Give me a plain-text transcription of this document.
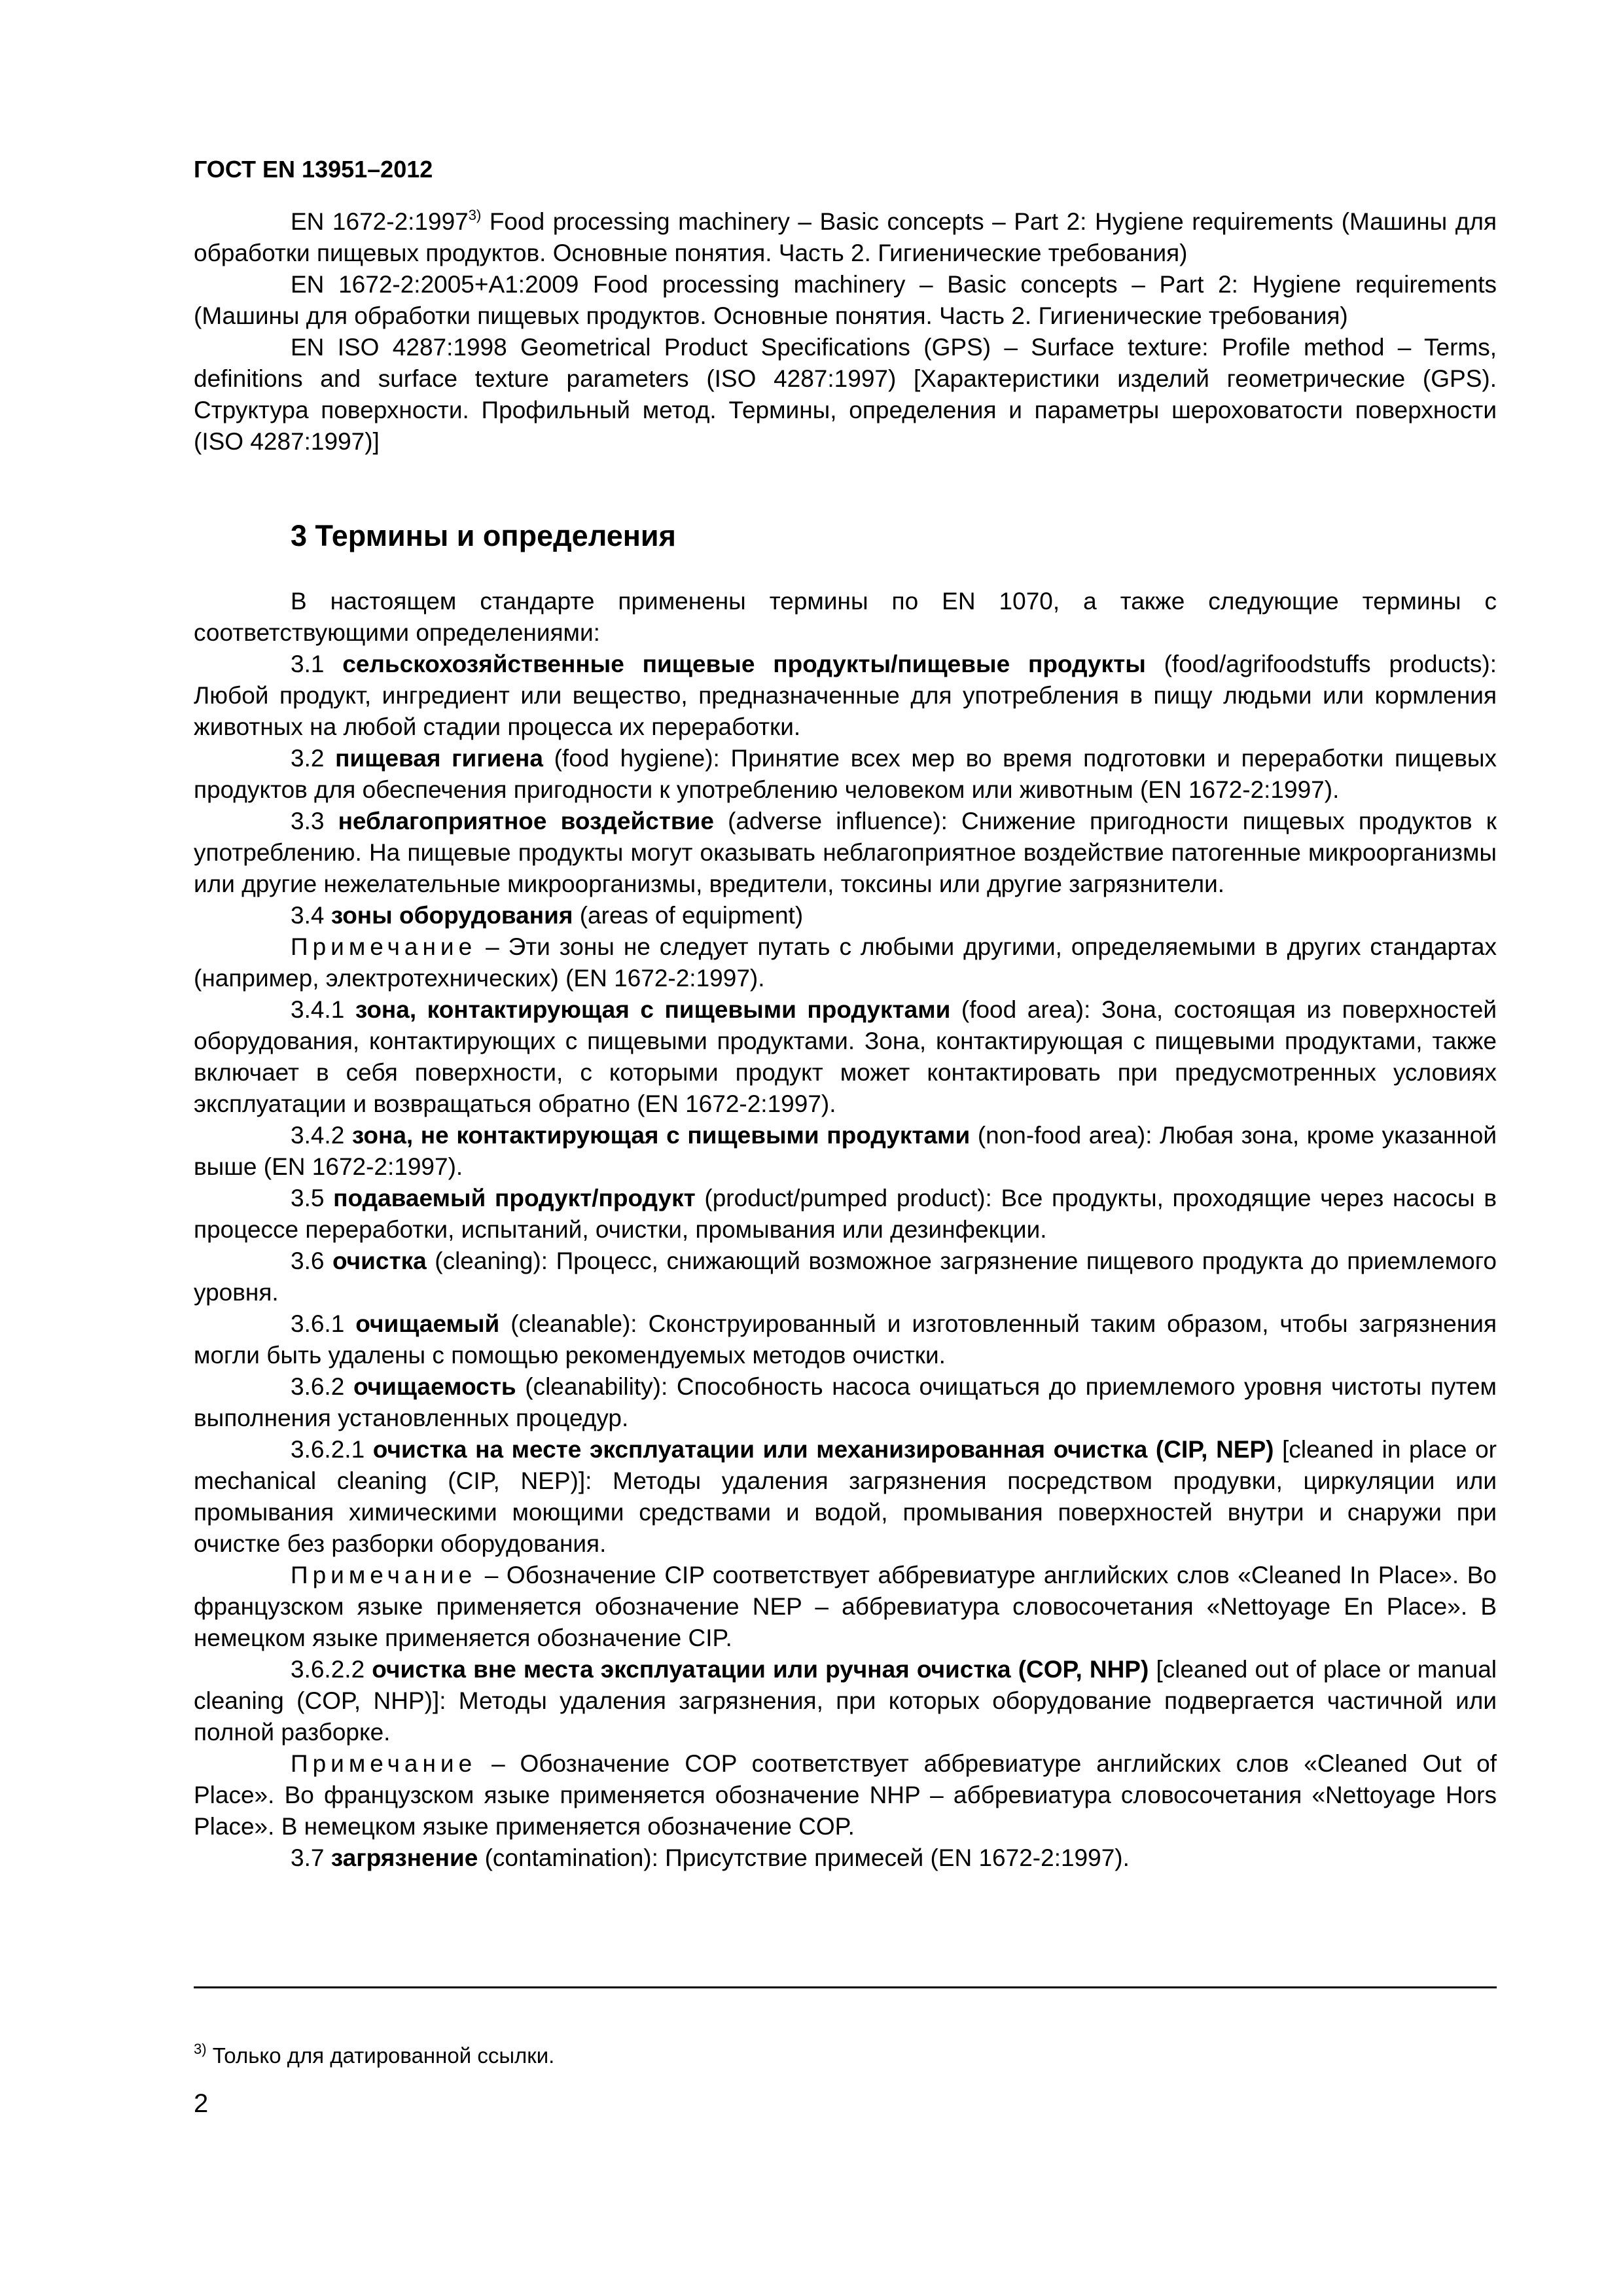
ГОСТ EN 13951–2012

EN 1672-2:1997$^{3)}$ Food processing machinery – Basic concepts – Part 2: Hygiene requirements (Машины для обработки пищевых продуктов. Основные понятия. Часть 2. Гигиенические требования)

EN 1672-2:2005+A1:2009 Food processing machinery – Basic concepts – Part 2: Hygiene requirements (Машины для обработки пищевых продуктов. Основные понятия. Часть 2. Гигиенические требования)

EN ISO 4287:1998 Geometrical Product Specifications (GPS) – Surface texture: Profile method – Terms, definitions and surface texture parameters (ISO 4287:1997) [Характеристики изделий геометрические (GPS). Структура поверхности. Профильный метод. Термины, определения и параметры шероховатости поверхности (ISO 4287:1997)]

3 Термины и определения

В настоящем стандарте применены термины по EN 1070, а также следующие термины с соответствующими определениями:

3.1 сельскохозяйственные пищевые продукты/пищевые продукты (food/agrifoodstuffs products): Любой продукт, ингредиент или вещество, предназначенные для употребления в пищу людьми или кормления животных на любой стадии процесса их переработки.

3.2 пищевая гигиена (food hygiene): Принятие всех мер во время подготовки и переработки пищевых продуктов для обеспечения пригодности к употреблению человеком или животным (EN 1672-2:1997).

3.3 неблагоприятное воздействие (adverse influence): Снижение пригодности пищевых продуктов к употреблению. На пищевые продукты могут оказывать неблагоприятное воздействие патогенные микроорганизмы или другие нежелательные микроорганизмы, вредители, токсины или другие загрязнители.

3.4 зоны оборудования (areas of equipment)

Примечание – Эти зоны не следует путать с любыми другими, определяемыми в других стандартах (например, электротехнических) (EN 1672-2:1997).

3.4.1 зона, контактирующая с пищевыми продуктами (food area): Зона, состоящая из поверхностей оборудования, контактирующих с пищевыми продуктами. Зона, контактирующая с пищевыми продуктами, также включает в себя поверхности, с которыми продукт может контактировать при предусмотренных условиях эксплуатации и возвращаться обратно (EN 1672-2:1997).

3.4.2 зона, не контактирующая с пищевыми продуктами (non-food area): Любая зона, кроме указанной выше (EN 1672-2:1997).

3.5 подаваемый продукт/продукт (product/pumped product): Все продукты, проходящие через насосы в процессе переработки, испытаний, очистки, промывания или дезинфекции.

3.6 очистка (cleaning): Процесс, снижающий возможное загрязнение пищевого продукта до приемлемого уровня.

3.6.1 очищаемый (cleanable): Сконструированный и изготовленный таким образом, чтобы загрязнения могли быть удалены с помощью рекомендуемых методов очистки.

3.6.2 очищаемость (cleanability): Способность насоса очищаться до приемлемого уровня чистоты путем выполнения установленных процедур.

3.6.2.1 очистка на месте эксплуатации или механизированная очистка (CIP, NEP) [cleaned in place or mechanical cleaning (CIP, NEP)]: Методы удаления загрязнения посредством продувки, циркуляции или промывания химическими моющими средствами и водой, промывания поверхностей внутри и снаружи при очистке без разборки оборудования.

Примечание – Обозначение CIP соответствует аббревиатуре английских слов «Cleaned In Place». Во французском языке применяется обозначение NEP – аббревиатура словосочетания «Nettoyage En Place». В немецком языке применяется обозначение CIP.

3.6.2.2 очистка вне места эксплуатации или ручная очистка (COP, NHP) [cleaned out of place or manual cleaning (COP, NHP)]: Методы удаления загрязнения, при которых оборудование подвергается частичной или полной разборке.

Примечание – Обозначение COP соответствует аббревиатуре английских слов «Cleaned Out of Place». Во французском языке применяется обозначение NHP – аббревиатура словосочетания «Nettoyage Hors Place». В немецком языке применяется обозначение COP.

3.7 загрязнение (contamination): Присутствие примесей (EN 1672-2:1997).

$^{3)}$ Только для датированной ссылки.
2
